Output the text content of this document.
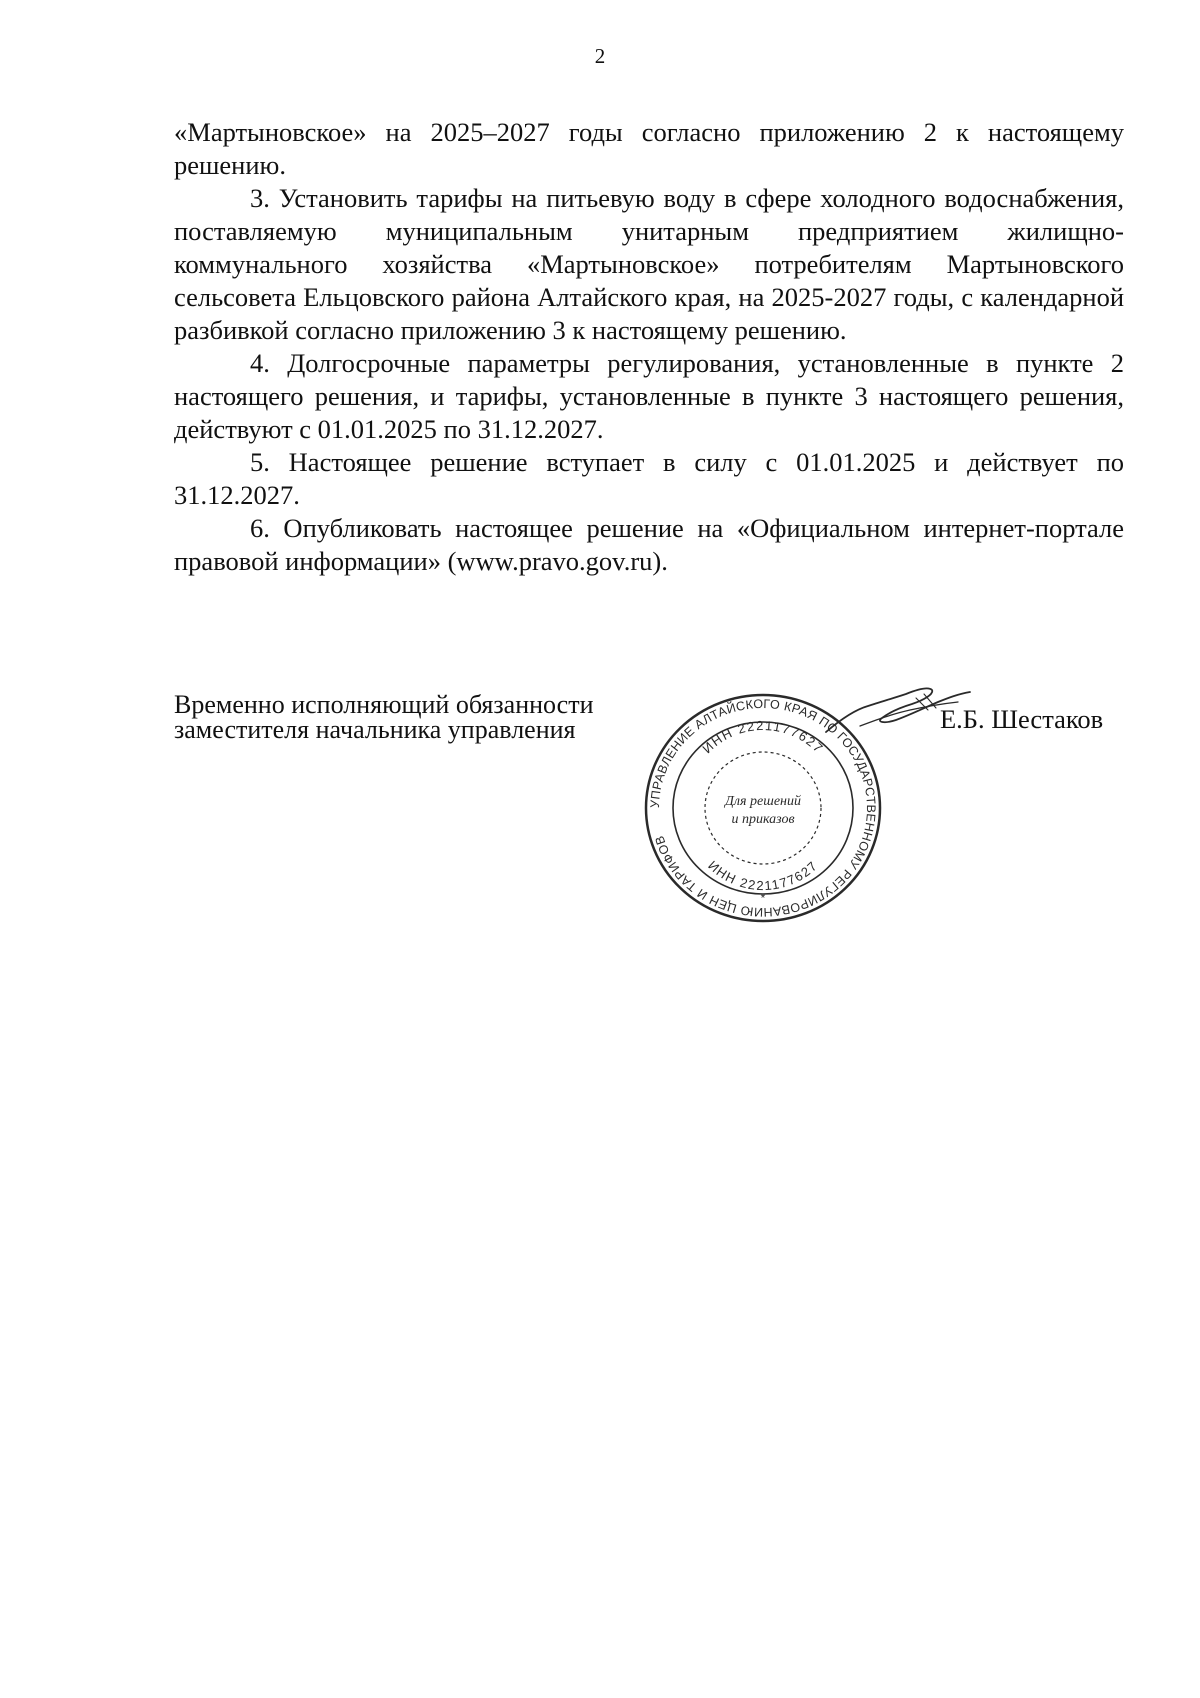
2

«Мартыновское» на 2025–2027 годы согласно приложению 2 к настоящему решению.

3. Установить тарифы на питьевую воду в сфере холодного водоснабжения, поставляемую муниципальным унитарным предприятием жилищно-коммунального хозяйства «Мартыновское» потребителям Мартыновского сельсовета Ельцовского района Алтайского края, на 2025-2027 годы, с календарной разбивкой согласно приложению 3 к настоящему решению.

4. Долгосрочные параметры регулирования, установленные в пункте 2 настоящего решения, и тарифы, установленные в пункте 3 настоящего решения, действуют с 01.01.2025 по 31.12.2027.

5. Настоящее решение вступает в силу с 01.01.2025 и действует по 31.12.2027.

6. Опубликовать настоящее решение на «Официальном интернет-портале правовой информации» (www.pravo.gov.ru).

Временно исполняющий обязанности
заместителя начальника управления
УПРАВЛЕНИЕ АЛТАЙСКОГО КРАЯ ПО ГОСУДАРСТВЕННОМУ РЕГУЛИРОВАНИЮ ЦЕН И ТАРИФОВ
ИНН 2221177627
ИНН 2221177627
Для решений
и приказов
*
Е.Б. Шестаков
